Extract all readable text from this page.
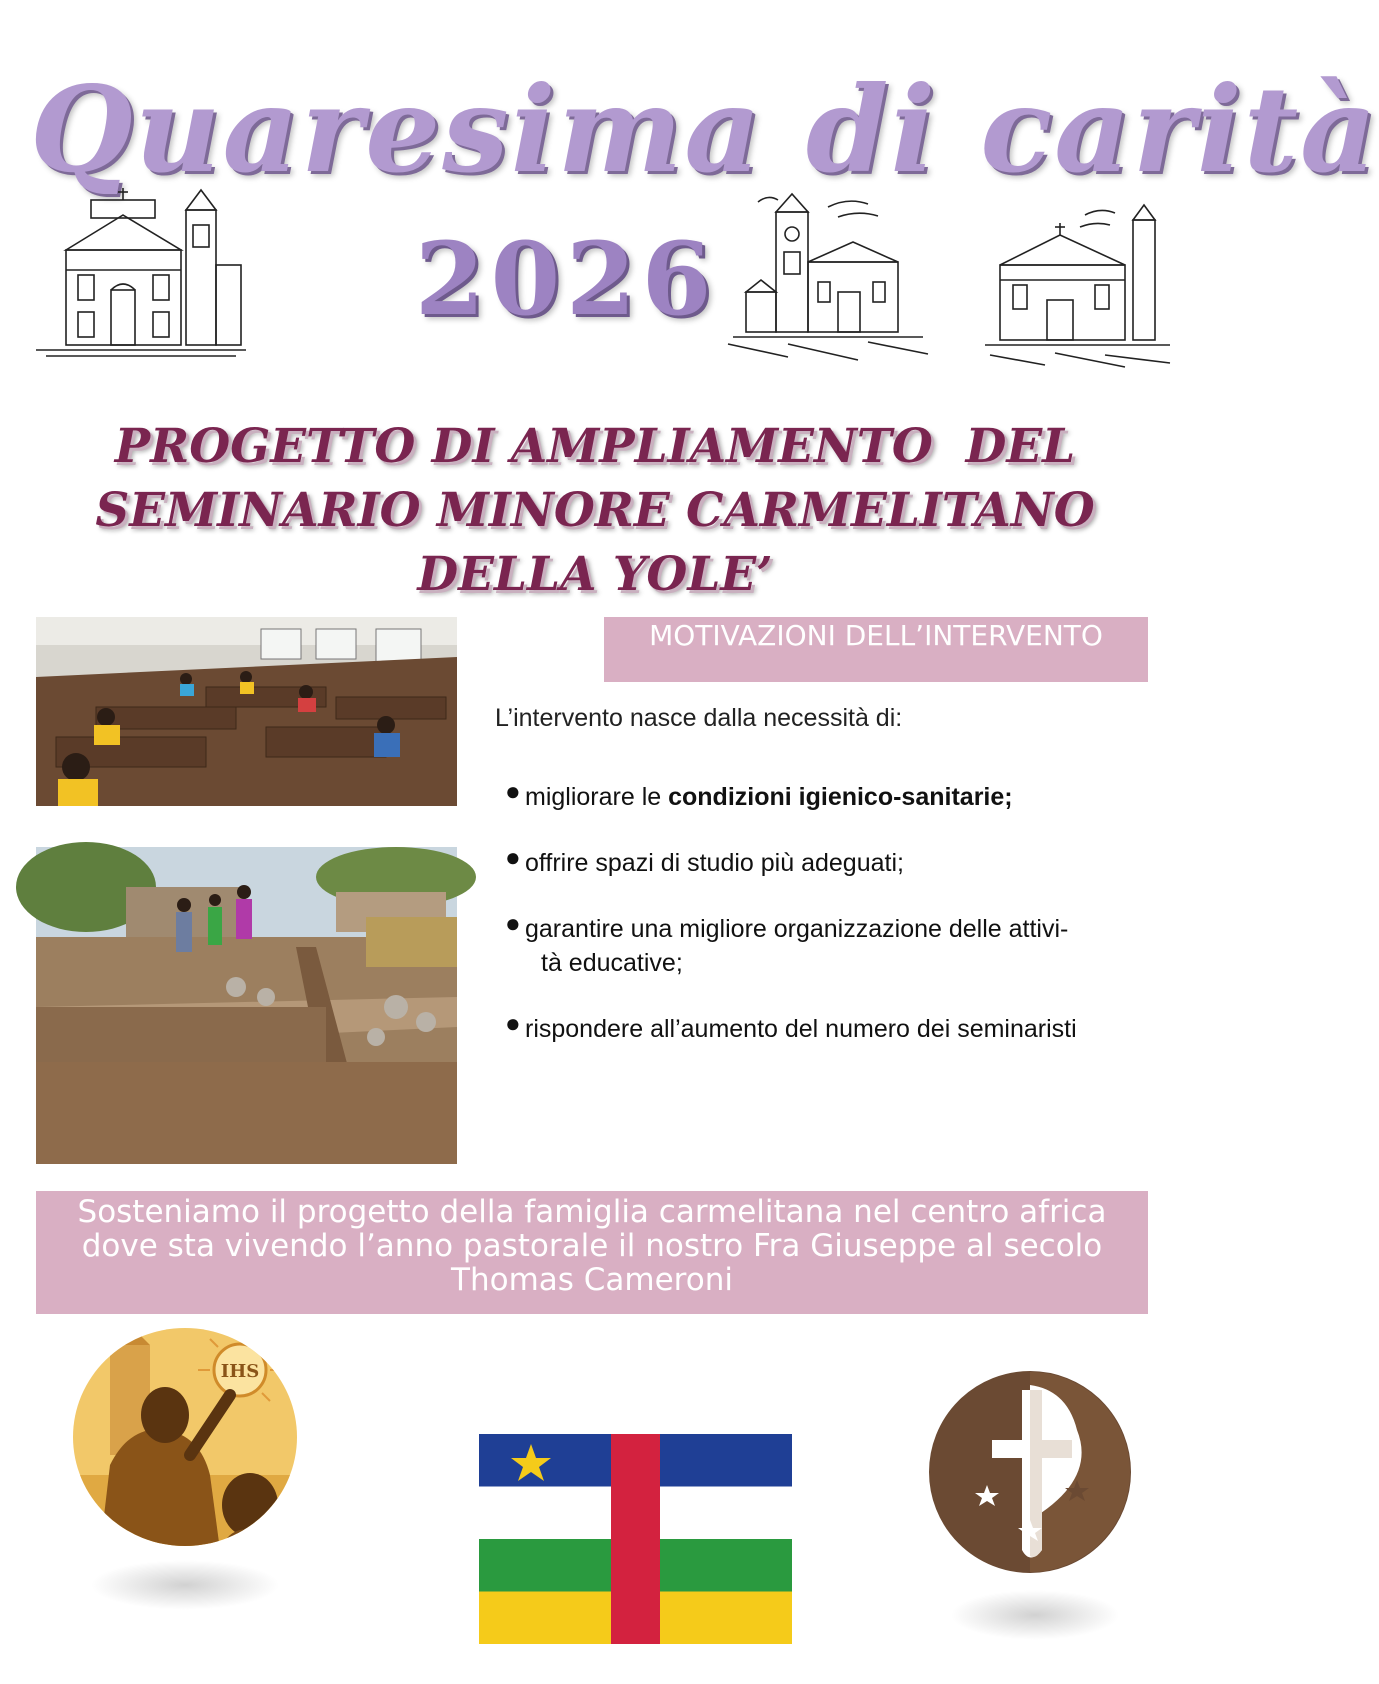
Quaresima di carità
2026
PROGETTO DI AMPLIAMENTO  DEL
SEMINARIO MINORE CARMELITANO
DELLA YOLE’
MOTIVAZIONI DELL’INTERVENTO
L’intervento nasce dalla necessità di:
● migliorare le condizioni igienico-sanitarie;
● offrire spazi di studio più adeguati;
● garantire una migliore organizzazione delle attivi-
tà educative;
● rispondere all’aumento del numero dei seminaristi
Sosteniamo il progetto della famiglia carmelitana nel centro africa
dove sta vivendo l’anno pastorale il nostro Fra Giuseppe al secolo
Thomas Cameroni
IHS
